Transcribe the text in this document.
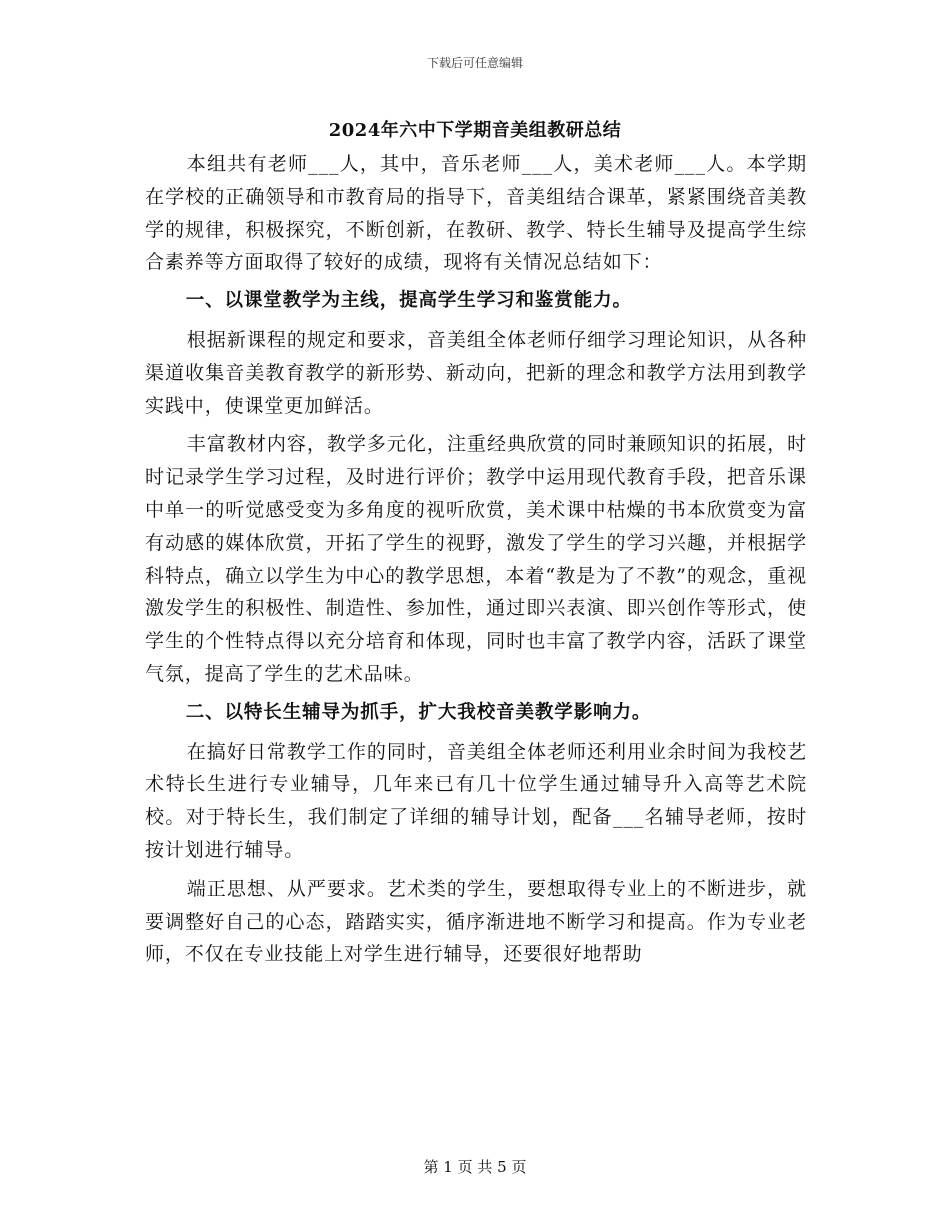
下载后可任意编辑
2024年六中下学期音美组教研总结

本组共有老师___人，其中，音乐老师___人，美术老师___人。本学期在学校的正确领导和市教育局的指导下，音美组结合课革，紧紧围绕音美教学的规律，积极探究，不断创新，在教研、教学、特长生辅导及提高学生综合素养等方面取得了较好的成绩，现将有关情况总结如下：

一、以课堂教学为主线，提高学生学习和鉴赏能力。

根据新课程的规定和要求，音美组全体老师仔细学习理论知识，从各种渠道收集音美教育教学的新形势、新动向，把新的理念和教学方法用到教学实践中，使课堂更加鲜活。

丰富教材内容，教学多元化，注重经典欣赏的同时兼顾知识的拓展，时时记录学生学习过程，及时进行评价；教学中运用现代教育手段，把音乐课中单一的听觉感受变为多角度的视听欣赏，美术课中枯燥的书本欣赏变为富有动感的媒体欣赏，开拓了学生的视野，激发了学生的学习兴趣，并根据学科特点，确立以学生为中心的教学思想，本着“教是为了不教”的观念，重视激发学生的积极性、制造性、参加性，通过即兴表演、即兴创作等形式，使学生的个性特点得以充分培育和体现，同时也丰富了教学内容，活跃了课堂气氛，提高了学生的艺术品味。

二、以特长生辅导为抓手，扩大我校音美教学影响力。

在搞好日常教学工作的同时，音美组全体老师还利用业余时间为我校艺术特长生进行专业辅导，几年来已有几十位学生通过辅导升入高等艺术院校。对于特长生，我们制定了详细的辅导计划，配备___名辅导老师，按时按计划进行辅导。

端正思想、从严要求。艺术类的学生，要想取得专业上的不断进步，就要调整好自己的心态，踏踏实实，循序渐进地不断学习和提高。作为专业老师，不仅在专业技能上对学生进行辅导，还要很好地帮助

第 1 页 共 5 页
